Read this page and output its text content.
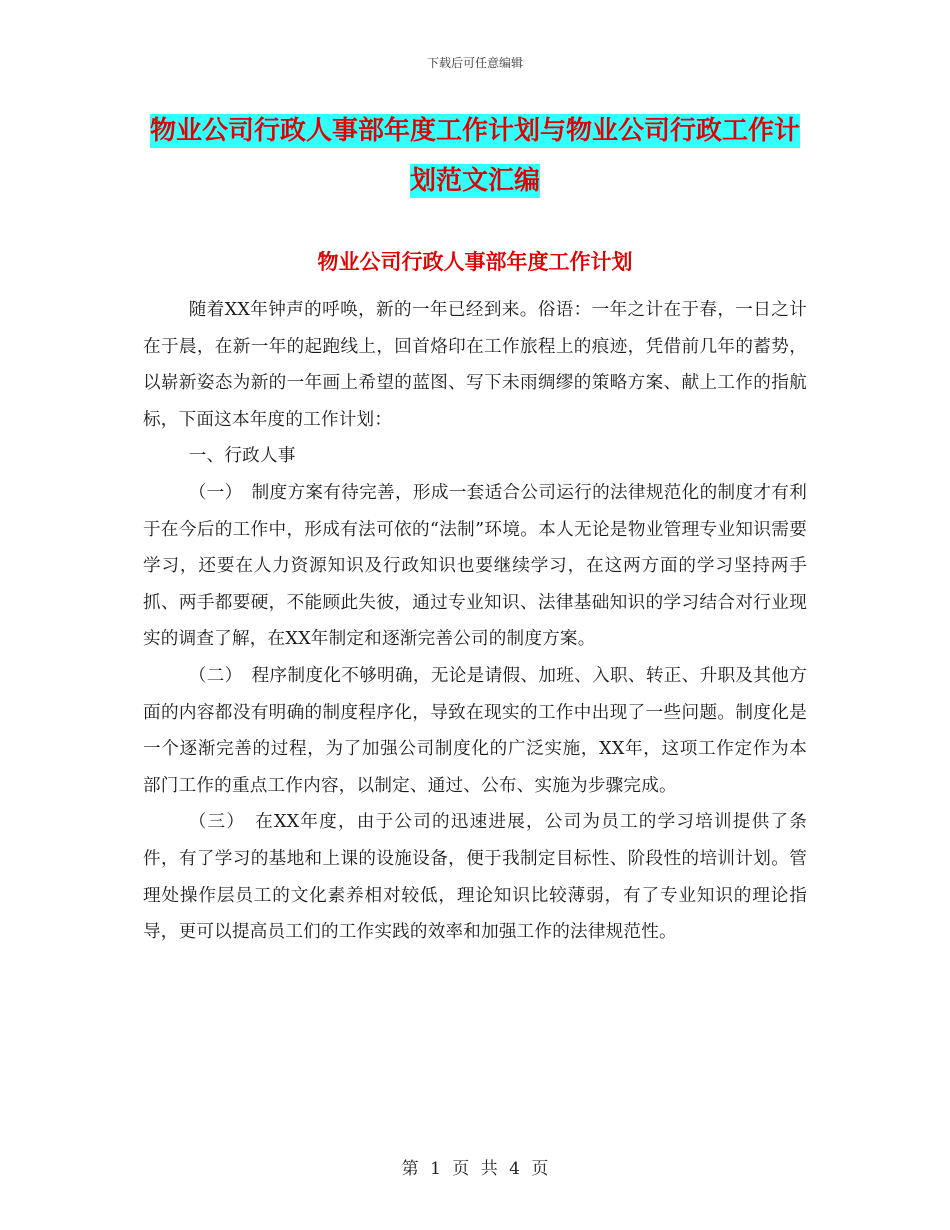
下载后可任意编辑
物业公司行政人事部年度工作计划与物业公司行政工作计划范文汇编
物业公司行政人事部年度工作计划

随着XX年钟声的呼唤，新的一年已经到来。俗语：一年之计在于春，一日之计在于晨，在新一年的起跑线上，回首烙印在工作旅程上的痕迹，凭借前几年的蓄势，以崭新姿态为新的一年画上希望的蓝图、写下未雨绸缪的策略方案、献上工作的指航标，下面这本年度的工作计划：

一、行政人事

（一）　制度方案有待完善，形成一套适合公司运行的法律规范化的制度才有利于在今后的工作中，形成有法可依的“法制”环境。本人无论是物业管理专业知识需要学习，还要在人力资源知识及行政知识也要继续学习，在这两方面的学习坚持两手抓、两手都要硬，不能顾此失彼，通过专业知识、法律基础知识的学习结合对行业现实的调查了解，在XX年制定和逐渐完善公司的制度方案。

（二）　程序制度化不够明确，无论是请假、加班、入职、转正、升职及其他方面的内容都没有明确的制度程序化，导致在现实的工作中出现了一些问题。制度化是一个逐渐完善的过程，为了加强公司制度化的广泛实施，XX年，这项工作定作为本部门工作的重点工作内容，以制定、通过、公布、实施为步骤完成。

（三）　在XX年度，由于公司的迅速进展，公司为员工的学习培训提供了条件，有了学习的基地和上课的设施设备，便于我制定目标性、阶段性的培训计划。管理处操作层员工的文化素养相对较低，理论知识比较薄弱，有了专业知识的理论指导，更可以提高员工们的工作实践的效率和加强工作的法律规范性。

第 1 页 共 4 页
